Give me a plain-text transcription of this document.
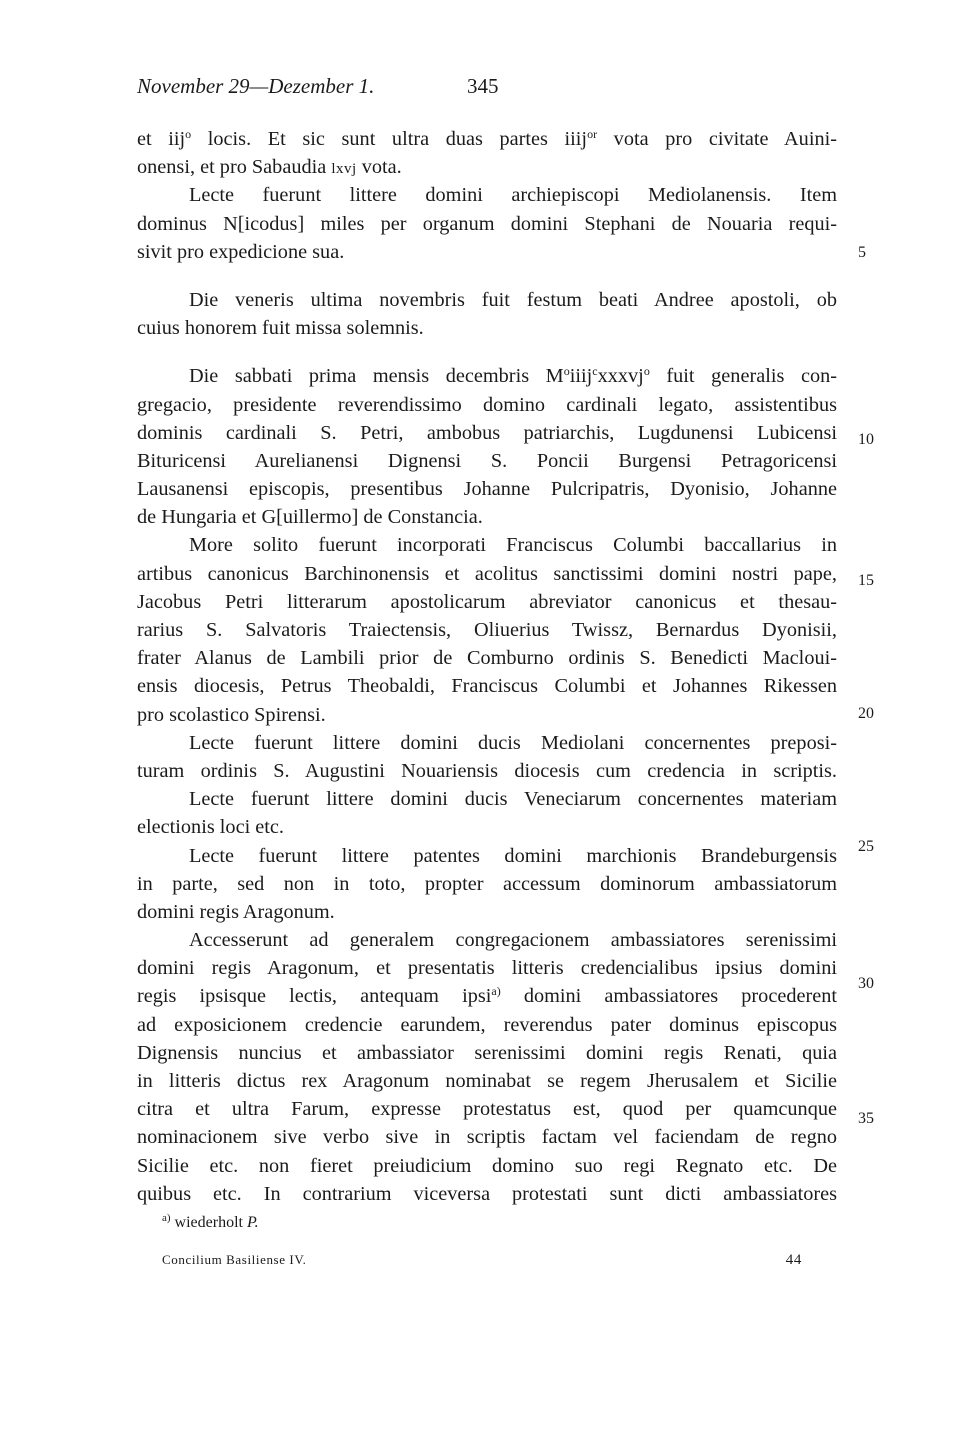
November 29—Dezember 1.	345
et iij$^o$ locis. Et sic sunt ultra duas partes iiij$^{or}$ vota pro civitate Auini-
onensi, et pro Sabaudia lxvj vota.
Lecte fuerunt littere domini archiepiscopi Mediolanensis. Item
dominus N[icodus] miles per organum domini Stephani de Nouaria requi-
sivit pro expedicione sua.
Die veneris ultima novembris fuit festum beati Andree apostoli, ob
cuius honorem fuit missa solemnis.
Die sabbati prima mensis decembris $M^oiiij^cxxxvj^o$ fuit generalis con-
gregacio, presidente reverendissimo domino cardinali legato, assistentibus
dominis cardinali S. Petri, ambobus patriarchis, Lugdunensi Lubicensi
Bituricensi Aurelianensi Dignensi S. Poncii Burgensi Petragoricensi
Lausanensi episcopis, presentibus Johanne Pulcripatris, Dyonisio, Johanne
de Hungaria et G[uillermo] de Constancia.
More solito fuerunt incorporati Franciscus Columbi baccallarius in
artibus canonicus Barchinonensis et acolitus sanctissimi domini nostri pape,
Jacobus Petri litterarum apostolicarum abreviator canonicus et thesau-
rarius S. Salvatoris Traiectensis, Oliuerius Twissz, Bernardus Dyonisii,
frater Alanus de Lambili prior de Comburno ordinis S. Benedicti Macloui-
ensis diocesis, Petrus Theobaldi, Franciscus Columbi et Johannes Rikessen
pro scolastico Spirensi.
Lecte fuerunt littere domini ducis Mediolani concernentes preposi-
turam ordinis S. Augustini Nouariensis diocesis cum credencia in scriptis.
Lecte fuerunt littere domini ducis Veneciarum concernentes materiam
electionis loci etc.
Lecte fuerunt littere patentes domini marchionis Brandeburgensis
in parte, sed non in toto, propter accessum dominorum ambassiatorum
domini regis Aragonum.
Accesserunt ad generalem congregacionem ambassiatores serenissimi
domini regis Aragonum, et presentatis litteris credencialibus ipsius domini
regis ipsisque lectis, antequam ipsi$^{a)}$ domini ambassiatores procederent
ad exposicionem credencie earundem, reverendus pater dominus episcopus
Dignensis nuncius et ambassiator serenissimi domini regis Renati, quia
in litteris dictus rex Aragonum nominabat se regem Jherusalem et Sicilie
citra et ultra Farum, expresse protestatus est, quod per quamcunque
nominacionem sive verbo sive in scriptis factam vel faciendam de regno
Sicilie etc. non fieret preiudicium domino suo regi Regnato etc. De
quibus etc. In contrarium viceversa protestati sunt dicti ambassiatores
5
10
15
20
25
30
35
$^{a)}$ wiederholt P.
Concilium Basiliense IV.	44
